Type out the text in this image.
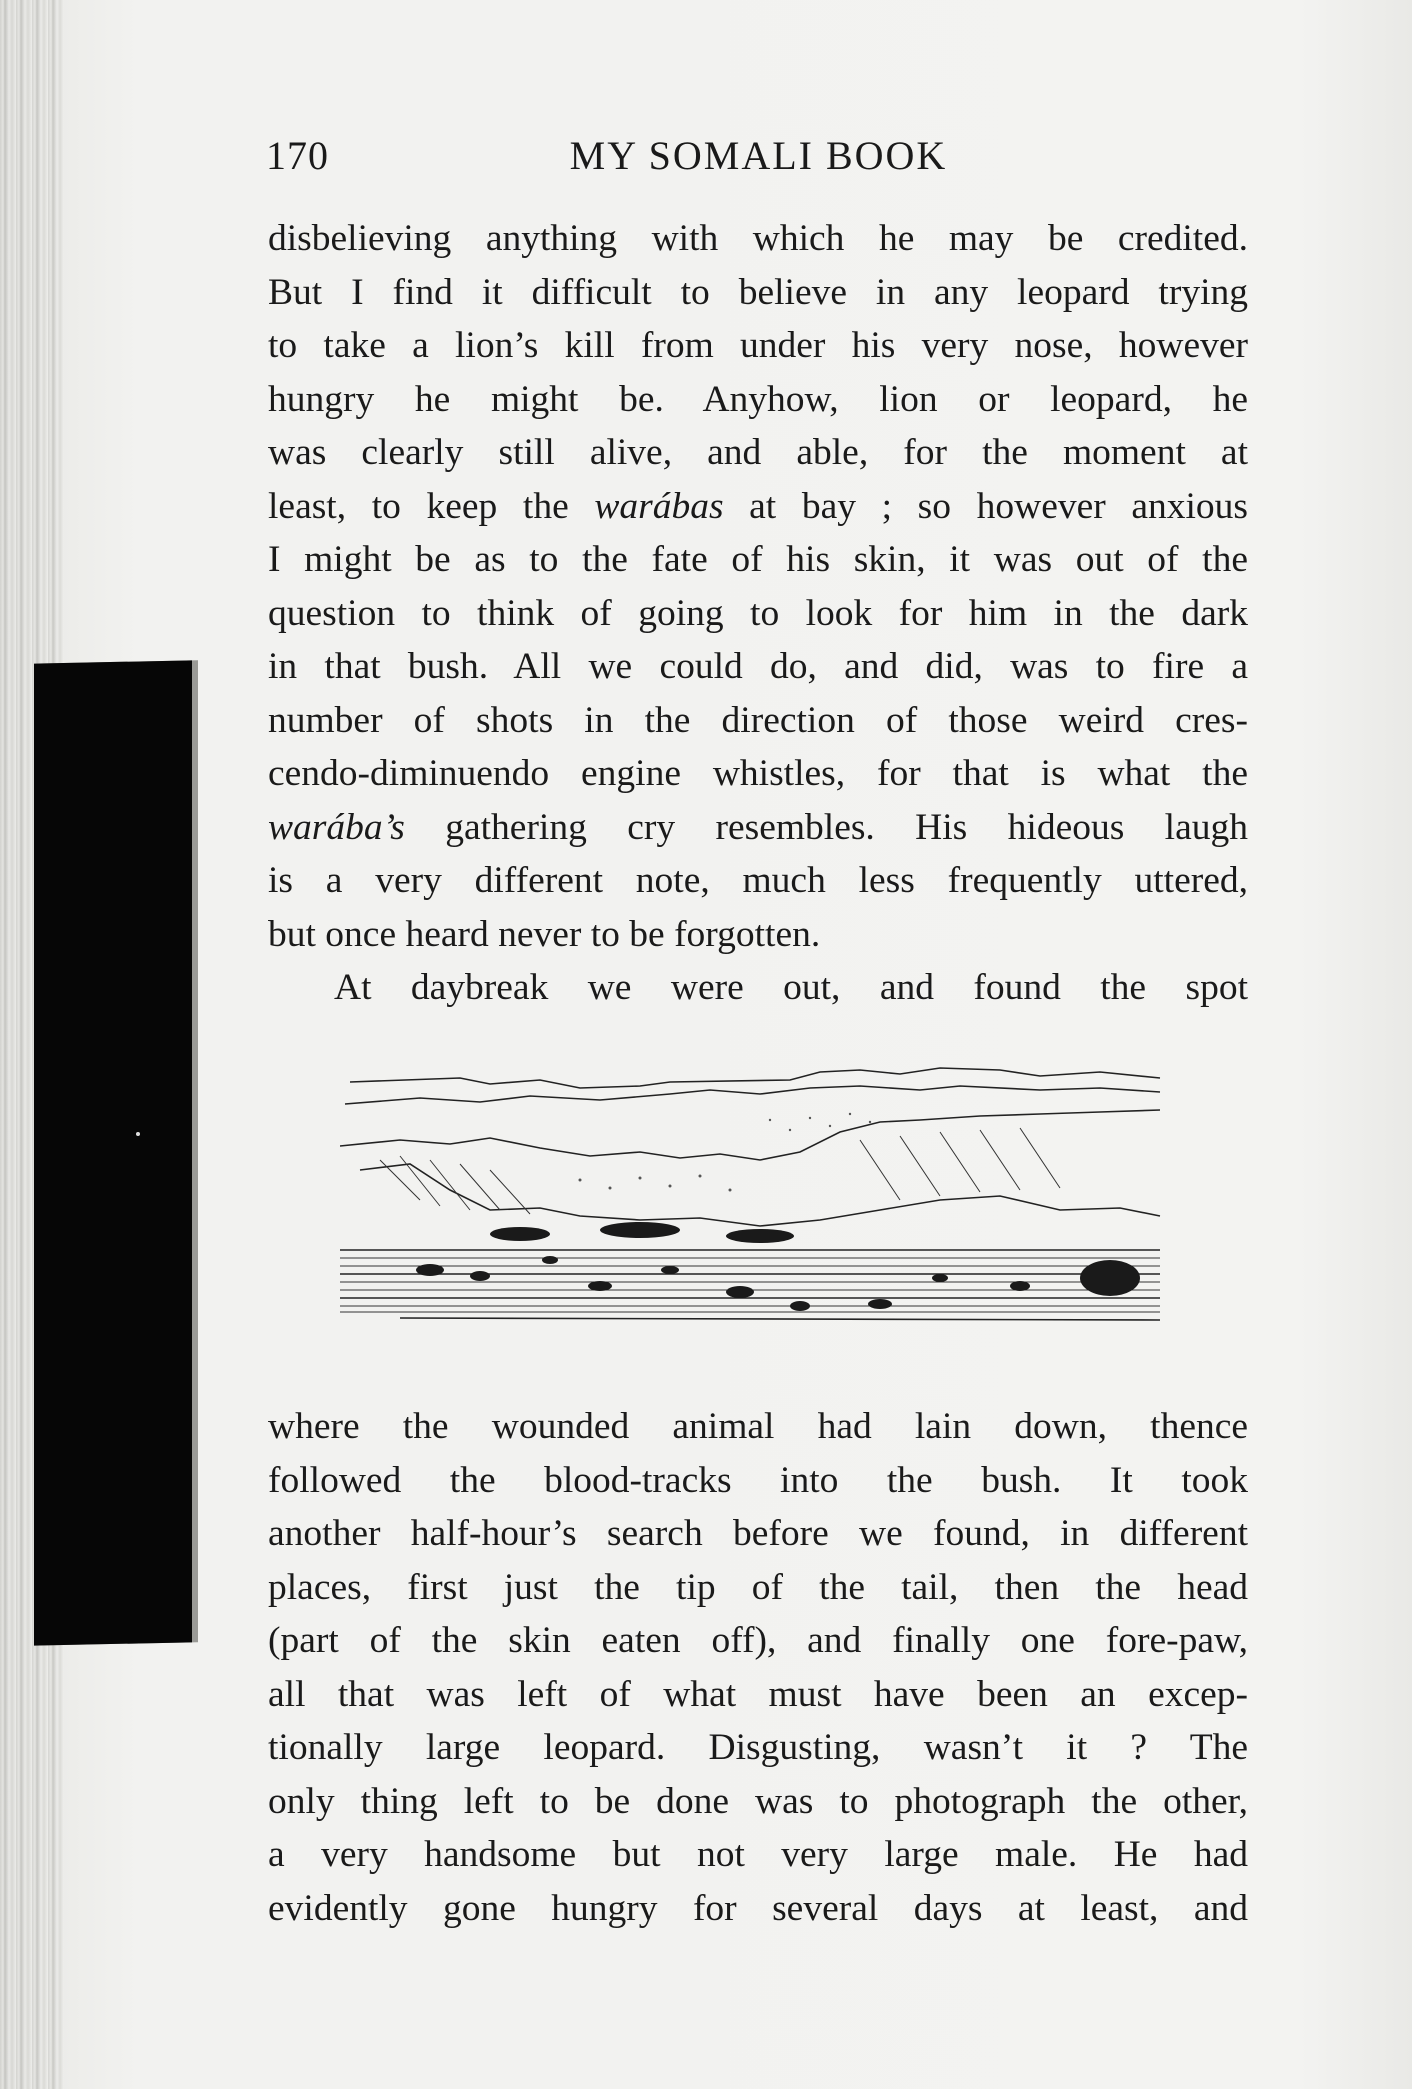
170	MY SOMALI BOOK
disbelieving anything with which he may be credited.
But I find it difficult to believe in any leopard trying
to take a lion’s kill from under his very nose, however
hungry he might be. Anyhow, lion or leopard, he
was clearly still alive, and able, for the moment at
least, to keep the warábas at bay ; so however anxious
I might be as to the fate of his skin, it was out of the
question to think of going to look for him in the dark
in that bush. All we could do, and did, was to fire a
number of shots in the direction of those weird cres-
cendo-diminuendo engine whistles, for that is what the
warába’s gathering cry resembles. His hideous laugh
is a very different note, much less frequently uttered,
but once heard never to be forgotten.
At daybreak we were out, and found the spot
where the wounded animal had lain down, thence
followed the blood-tracks into the bush. It took
another half-hour’s search before we found, in different
places, first just the tip of the tail, then the head
(part of the skin eaten off), and finally one fore-paw,
all that was left of what must have been an excep-
tionally large leopard. Disgusting, wasn’t it ? The
only thing left to be done was to photograph the other,
a very handsome but not very large male. He had
evidently gone hungry for several days at least, and
